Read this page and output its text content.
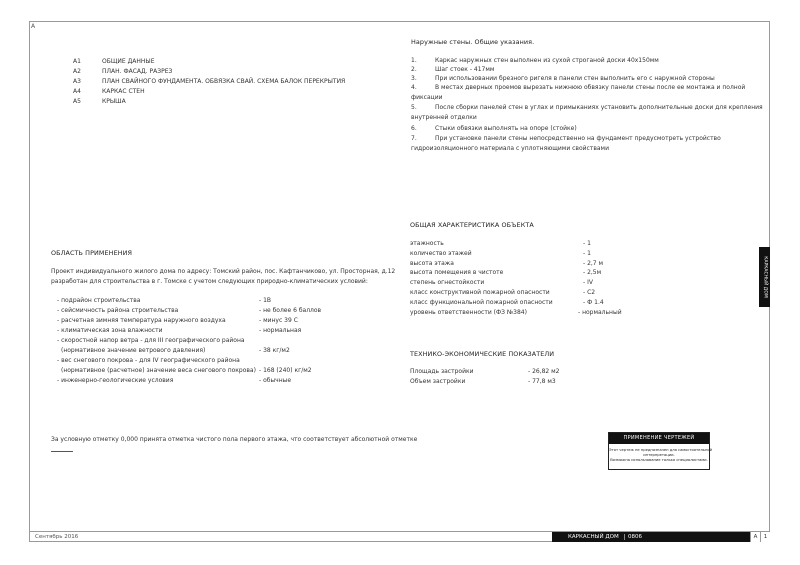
A
А1	ОБЩИЕ ДАННЫЕ
А2	ПЛАН. ФАСАД. РАЗРЕЗ
А3	ПЛАН СВАЙНОГО ФУНДАМЕНТА. ОБВЯЗКА СВАЙ. СХЕМА БАЛОК ПЕРЕКРЫТИЯ
А4	КАРКАС СТЕН
А5	КРЫША
Наружные стены. Общие указания.
1.	Каркас наружных стен выполнен из сухой строганой доски 40х150мм
2.	Шаг стоек - 417мм
3.	При использовании брезного ригеля в панели стен выполнить его с наружной стороны
4.	В местах дверных проемов вырезать нижнюю обвязку панели стены после ее монтажа и полной
фиксации
5.	После сборки панелей стен в углах и примыканиях установить дополнительные доски для крепления
внутренней отделки
6.	Стыки обвязки выполнять на опоре (стойке)
7.	При установке панели стены непосредственно на фундамент предусмотреть устройство
гидроизоляционного материала с уплотняющими свойствами
ОБЩАЯ ХАРАКТЕРИСТИКА ОБЪЕКТА
этажность	- 1
количество этажей	- 1
высота этажа	- 2,7 м
высота помещения в чистоте	- 2,5м
степень огнестойкости	- IV
класс конструктивной пожарной опасности	- С2
класс функциональной пожарной опасности	- Ф 1.4
уровень ответственности (ФЗ №384)	- нормальный
ТЕХНИКО-ЭКОНОМИЧЕСКИЕ ПОКАЗАТЕЛИ
Площадь застройки	- 26,82 м2
Объем застройки	- 77,8 м3
ОБЛАСТЬ ПРИМЕНЕНИЯ
Проект индивидуального жилого дома по адресу: Томский район, пос. Кафтанчиково, ул. Просторная, д.12
разработан для строительства в г. Томске с учетом следующих природно-климатических условий:
- подрайон строительства	- 1В
- сейсмичность района строительства	- не более 6 баллов
- расчетная зимняя температура наружного воздуха	- минус 39 С
- климатическая зона влажности	- нормальная
- скоростной напор ветра - для III географического района
(нормативное значение ветрового давления)	- 38 кг/м2
- вес снегового покрова - для IV географического района
(нормативное (расчетное) значение веса снегового покрова) - 168 (240) кг/м2
- инженерно-геологические условия	- обычные
За условную отметку 0,000 принята отметка чистого пола первого этажа, что соответствует абсолютной отметке
КАРКАСНЫЙ ДОМ
ПРИМЕНЕНИЕ ЧЕРТЕЖЕЙ
Этот чертеж не предназначен для самостоятельной
интерпретации.
Возможно использование только специалистами.
Сентябрь 2016	КАРКАСНЫЙ ДОМ 0806	А	1
